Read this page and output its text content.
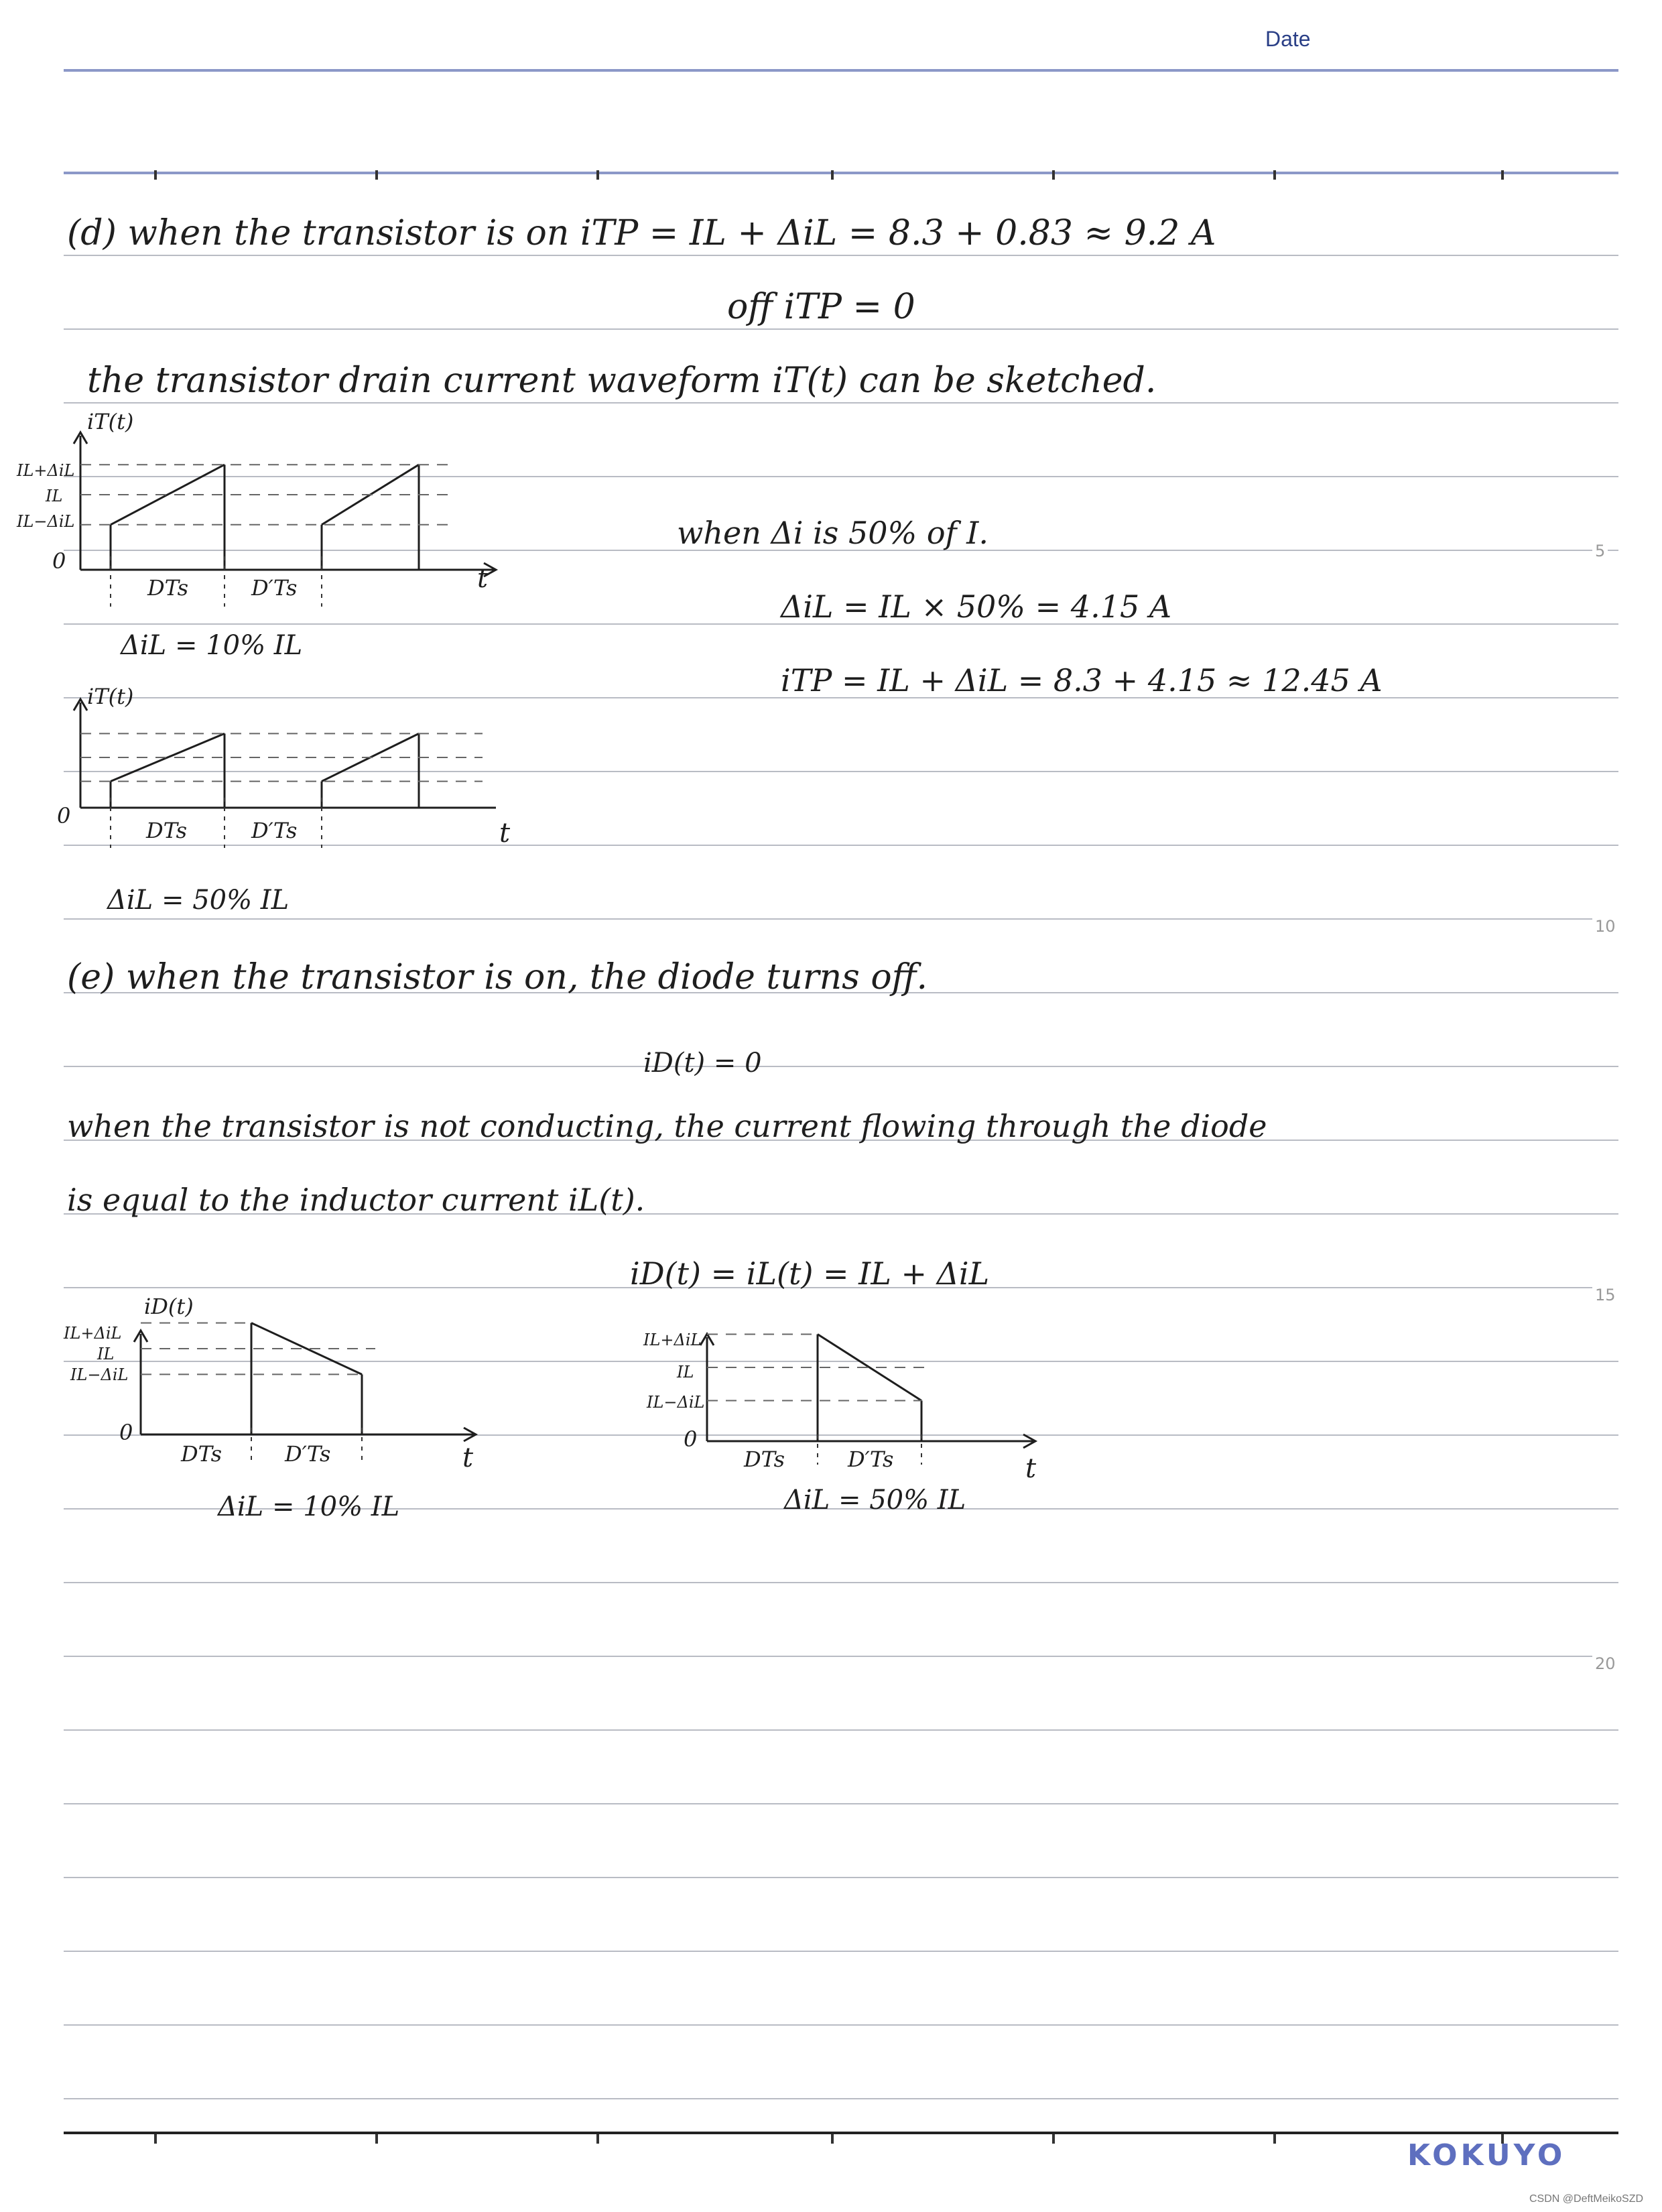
Date
5
10
15
20
(d) when the transistor is on iTP = IL + ΔiL = 8.3 + 0.83 ≈ 9.2 A
off iTP = 0
the transistor drain current waveform iT(t) can be sketched.
iT(t)
IL+ΔiL
IL
IL−ΔiL
0
DTs	D′Ts	t
ΔiL = 10% IL
iT(t)
0
DTs	D′Ts	t
ΔiL = 50% IL
when Δi is 50% of I.
ΔiL = IL × 50% = 4.15 A
iTP = IL + ΔiL = 8.3 + 4.15 ≈ 12.45 A
(e) when the transistor is on, the diode turns off.
iD(t) = 0
when the transistor is not conducting, the current flowing through the diode
is equal to the inductor current iL(t).
iD(t) = iL(t) = IL + ΔiL
iD(t)
IL+ΔiL
IL
IL−ΔiL
0
DTs	D′Ts	t
ΔiL = 10% IL
IL+ΔiL
IL
IL−ΔiL
0
DTs	D′Ts	t
ΔiL = 50% IL
KOKUYO
CSDN @DeftMeikoSZD
